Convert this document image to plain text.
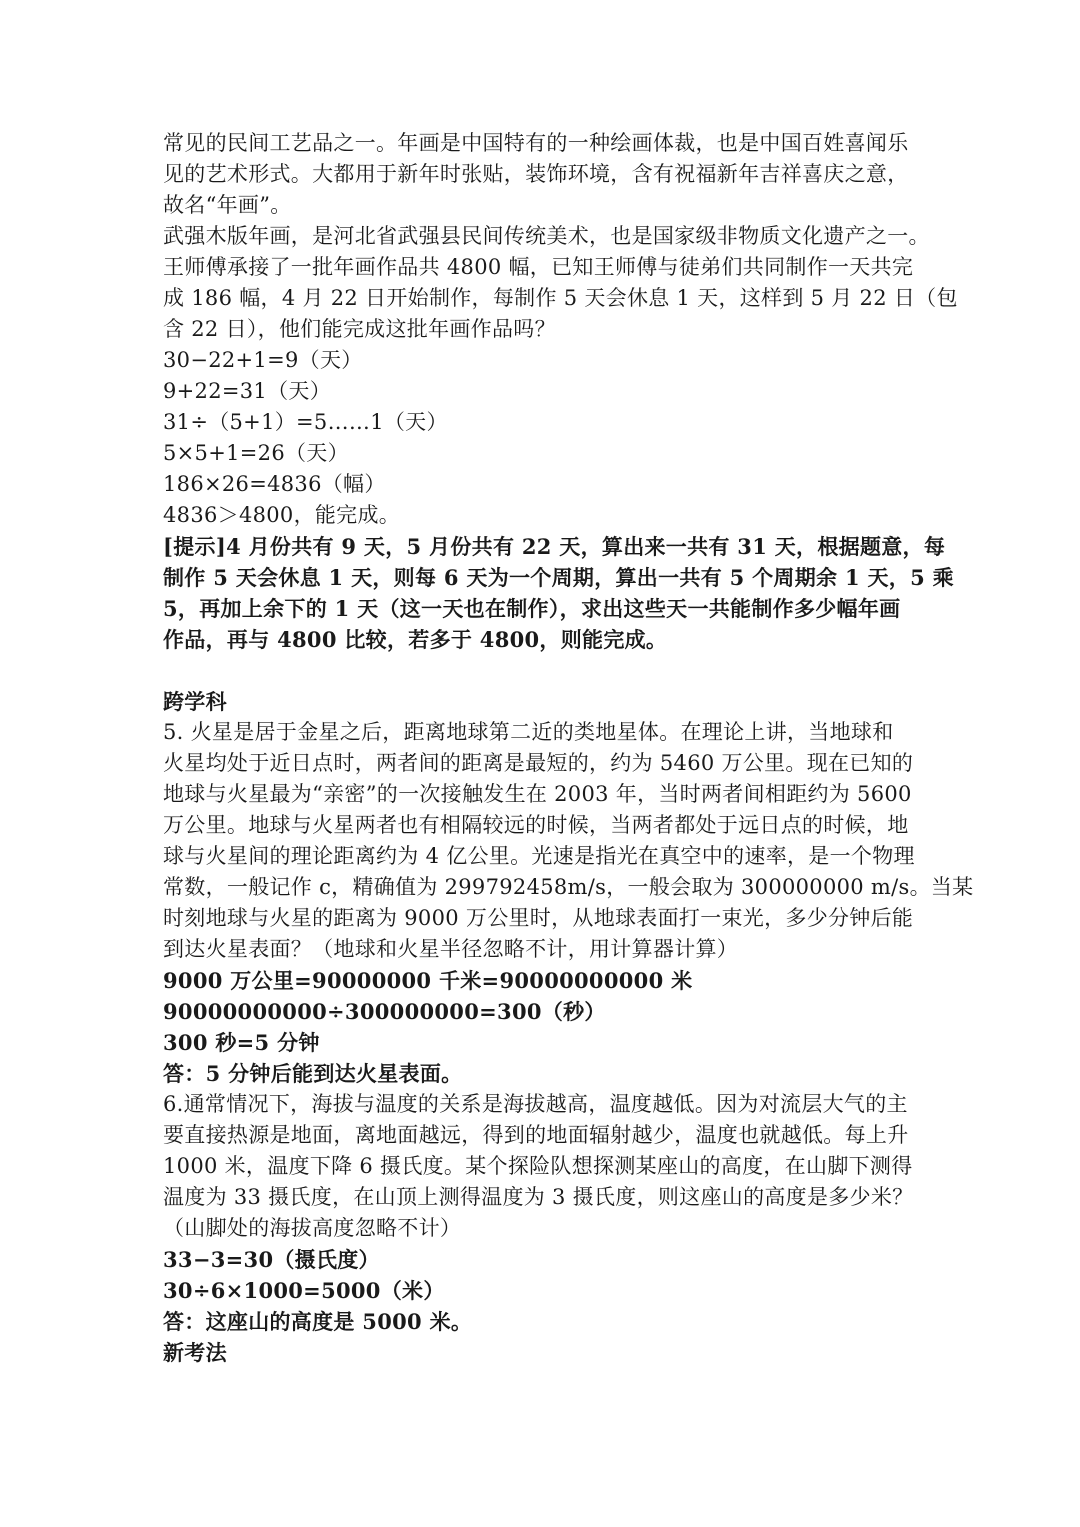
常见的民间工艺品之一。年画是中国特有的一种绘画体裁，也是中国百姓喜闻乐
见的艺术形式。大都用于新年时张贴，装饰环境，含有祝福新年吉祥喜庆之意，
故名“年画”。
武强木版年画，是河北省武强县民间传统美术，也是国家级非物质文化遗产之一。
王师傅承接了一批年画作品共 4800 幅，已知王师傅与徒弟们共同制作一天共完
成 186 幅，4 月 22 日开始制作，每制作 5 天会休息 1 天，这样到 5 月 22 日（包
含 22 日），他们能完成这批年画作品吗？
30−22+1=9（天）
9+22=31（天）
31÷（5+1）=5……1（天）
5×5+1=26（天）
186×26=4836（幅）
4836＞4800，能完成。
[提示]4 月份共有 9 天，5 月份共有 22 天，算出来一共有 31 天，根据题意，每
制作 5 天会休息 1 天，则每 6 天为一个周期，算出一共有 5 个周期余 1 天，5 乘
5，再加上余下的 1 天（这一天也在制作），求出这些天一共能制作多少幅年画
作品，再与 4800 比较，若多于 4800，则能完成。
跨学科
5. 火星是居于金星之后，距离地球第二近的类地星体。在理论上讲，当地球和
火星均处于近日点时，两者间的距离是最短的，约为 5460 万公里。现在已知的
地球与火星最为“亲密”的一次接触发生在 2003 年，当时两者间相距约为 5600
万公里。地球与火星两者也有相隔较远的时候，当两者都处于远日点的时候，地
球与火星间的理论距离约为 4 亿公里。光速是指光在真空中的速率，是一个物理
常数，一般记作 c，精确值为 299792458m/s，一般会取为 300000000 m/s。当某
时刻地球与火星的距离为 9000 万公里时，从地球表面打一束光，多少分钟后能
到达火星表面？（地球和火星半径忽略不计，用计算器计算）
9000 万公里=90000000 千米=90000000000 米
90000000000÷300000000=300（秒）
300 秒=5 分钟
答：5 分钟后能到达火星表面。
6.通常情况下，海拔与温度的关系是海拔越高，温度越低。因为对流层大气的主
要直接热源是地面，离地面越远，得到的地面辐射越少，温度也就越低。每上升
1000 米，温度下降 6 摄氏度。某个探险队想探测某座山的高度，在山脚下测得
温度为 33 摄氏度，在山顶上测得温度为 3 摄氏度，则这座山的高度是多少米？
（山脚处的海拔高度忽略不计）
33−3=30（摄氏度）
30÷6×1000=5000（米）
答：这座山的高度是 5000 米。
新考法
